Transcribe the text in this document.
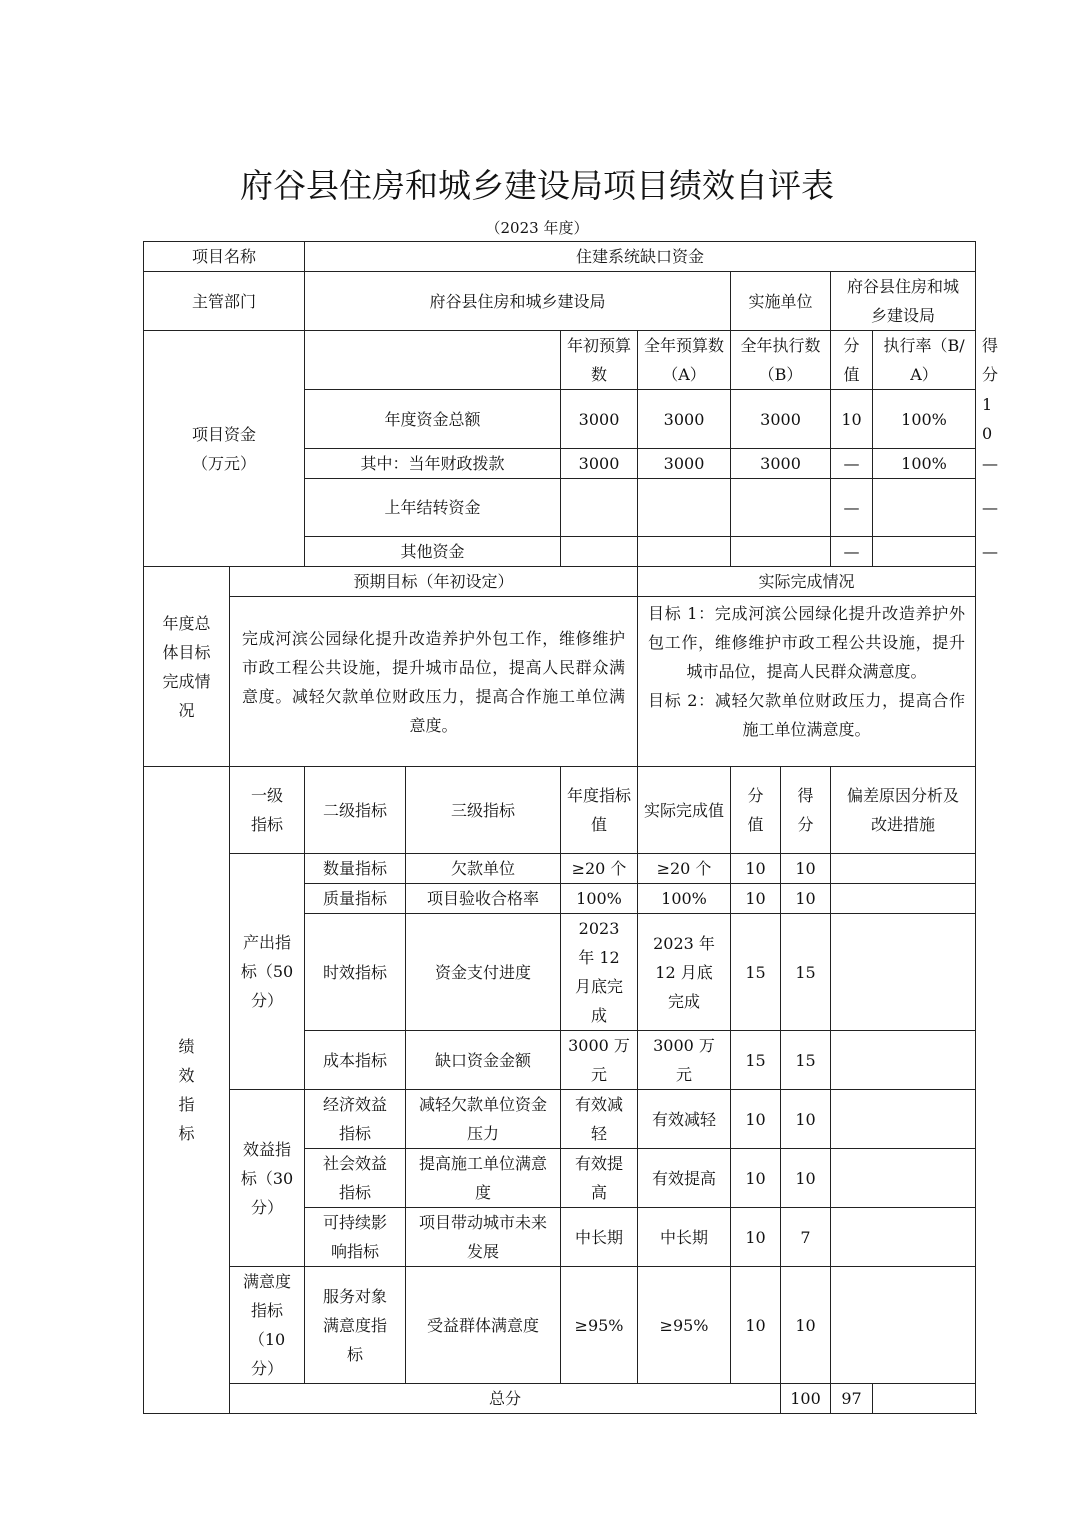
府谷县住房和城乡建设局项目绩效自评表
（2023 年度）
项目名称		住建系统缺口资金								
主管部门		府谷县住房和城乡建设局				实施单位		府谷县住房和城乡建设局		

项目资金
（万元）				年初预算数	全年预算数（A）	全年执行数（B）		分值	执行率（B/A）	得分
		年度资金总额		3000	3000	3000		10	100%	10
		其中：当年财政拨款		3000	3000	3000		—	100%	—
		上年结转资金						—		—
		其他资金						—		—
年度总体目标完成情况	预期目标（年初设定）				实际完成情况					
	完成河滨公园绿化提升改造养护外包工作，维修维护市政工程公共设施，提升城市品位，提高人民群众满意度。减轻欠款单位财政压力，提高合作施工单位满意度。				目标 1：完成河滨公园绿化提升改造养护外包工作，维修维护市政工程公共设施，提升城市品位，提高人民群众满意度。
目标 2：减轻欠款单位财政压力，提高合作施工单位满意度。					

绩效指标	一级指标	二级指标	三级指标	年度指标值	实际完成值	分值	得分	偏差原因分析及改进措施		
	产出指标（50 分）	数量指标	欠款单位	≥20 个	≥20 个	10	10			
		质量指标	项目验收合格率	100%	100%	10	10			
		时效指标	资金支付进度	2023 年 12 月底完成	2023 年 12 月底完成	15	15			
		成本指标	缺口资金金额	3000 万元	3000 万元	15	15			
	效益指标（30 分）	经济效益指标	减轻欠款单位资金压力	有效减轻	有效减轻	10	10			
		社会效益指标	提高施工单位满意度	有效提高	有效提高	10	10			
		可持续影响指标	项目带动城市未来发展	中长期	中长期	10	7			
	满意度指标（10 分）	服务对象满意度指标	受益群体满意度	≥95%	≥95%	10	10			
	总分						100	97		
